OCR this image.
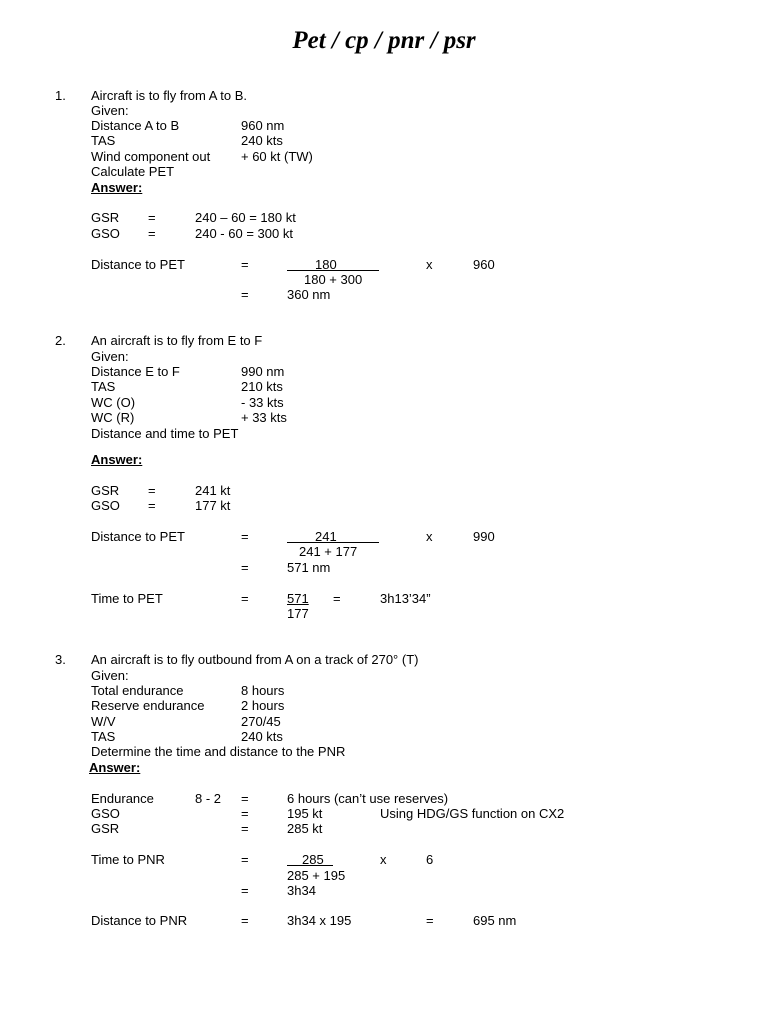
Pet / cp / pnr / psr
1. Aircraft is to fly from A to B.
Given:
Distance A to B	960 nm
TAS	240 kts
Wind component out + 60 kt (TW)
Calculate PET
Answer:
GSR =	240 – 60 = 180 kt
GSO =	240 - 60 = 300 kt
Distance to PET	=	180	x	960
180 + 300
=	360 nm
2. An aircraft is to fly from E to F
Given:
Distance E to F	990 nm
TAS	210 kts
WC (O)	- 33 kts
WC (R)	+ 33 kts
Distance and time to PET
Answer:
GSR =	241 kt
GSO =	177 kt
Distance to PET	=	241	x	990
241 + 177
=	571 nm
Time to PET	=	571 =	3h13’34”
177
3. An aircraft is to fly outbound from A on a track of 270° (T)
Given:
Total endurance	8 hours
Reserve endurance	2 hours
W/V	270/45
TAS	240 kts
Determine the time and distance to the PNR
Answer:
Endurance	8 - 2 =	6 hours (can’t use reserves)
GSO	=	195 kt	Using HDG/GS function on CX2
GSR	=	285 kt
Time to PNR	=	285	x	6
285 + 195
=	3h34
Distance to PNR	=	3h34 x 195	=	695 nm
